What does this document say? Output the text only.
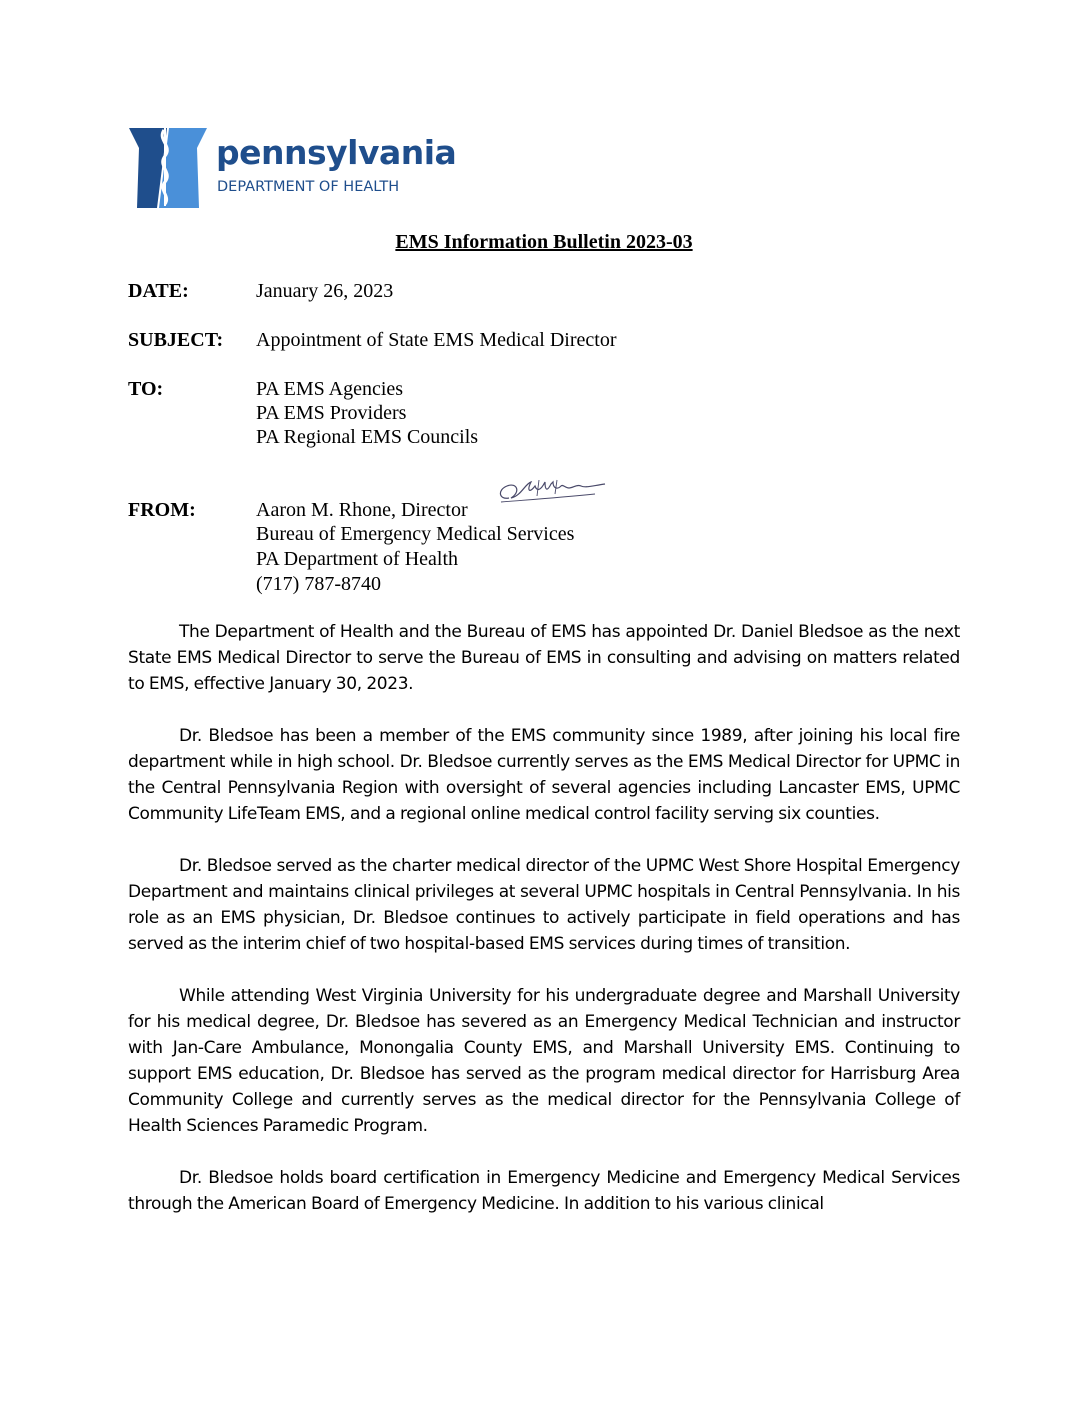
pennsylvania
DEPARTMENT OF HEALTH
EMS Information Bulletin 2023-03
DATE:	January 26, 2023
SUBJECT: Appointment of State EMS Medical Director
TO:	PA EMS Agencies
PA EMS Providers
PA Regional EMS Councils
FROM:	Aaron M. Rhone, Director
Bureau of Emergency Medical Services
PA Department of Health
(717) 787-8740

The Department of Health and the Bureau of EMS has appointed Dr. Daniel Bledsoe as the next State EMS Medical Director to serve the Bureau of EMS in consulting and advising on matters related to EMS, effective January 30, 2023.

Dr. Bledsoe has been a member of the EMS community since 1989, after joining his local fire department while in high school. Dr. Bledsoe currently serves as the EMS Medical Director for UPMC in the Central Pennsylvania Region with oversight of several agencies including Lancaster EMS, UPMC Community LifeTeam EMS, and a regional online medical control facility serving six counties.

Dr. Bledsoe served as the charter medical director of the UPMC West Shore Hospital Emergency Department and maintains clinical privileges at several UPMC hospitals in Central Pennsylvania. In his role as an EMS physician, Dr. Bledsoe continues to actively participate in field operations and has served as the interim chief of two hospital-based EMS services during times of transition.

While attending West Virginia University for his undergraduate degree and Marshall University for his medical degree, Dr. Bledsoe has severed as an Emergency Medical Technician and instructor with Jan-Care Ambulance, Monongalia County EMS, and Marshall University EMS. Continuing to support EMS education, Dr. Bledsoe has served as the program medical director for Harrisburg Area Community College and currently serves as the medical director for the Pennsylvania College of Health Sciences Paramedic Program.

Dr. Bledsoe holds board certification in Emergency Medicine and Emergency Medical Services through the American Board of Emergency Medicine. In addition to his various clinical
